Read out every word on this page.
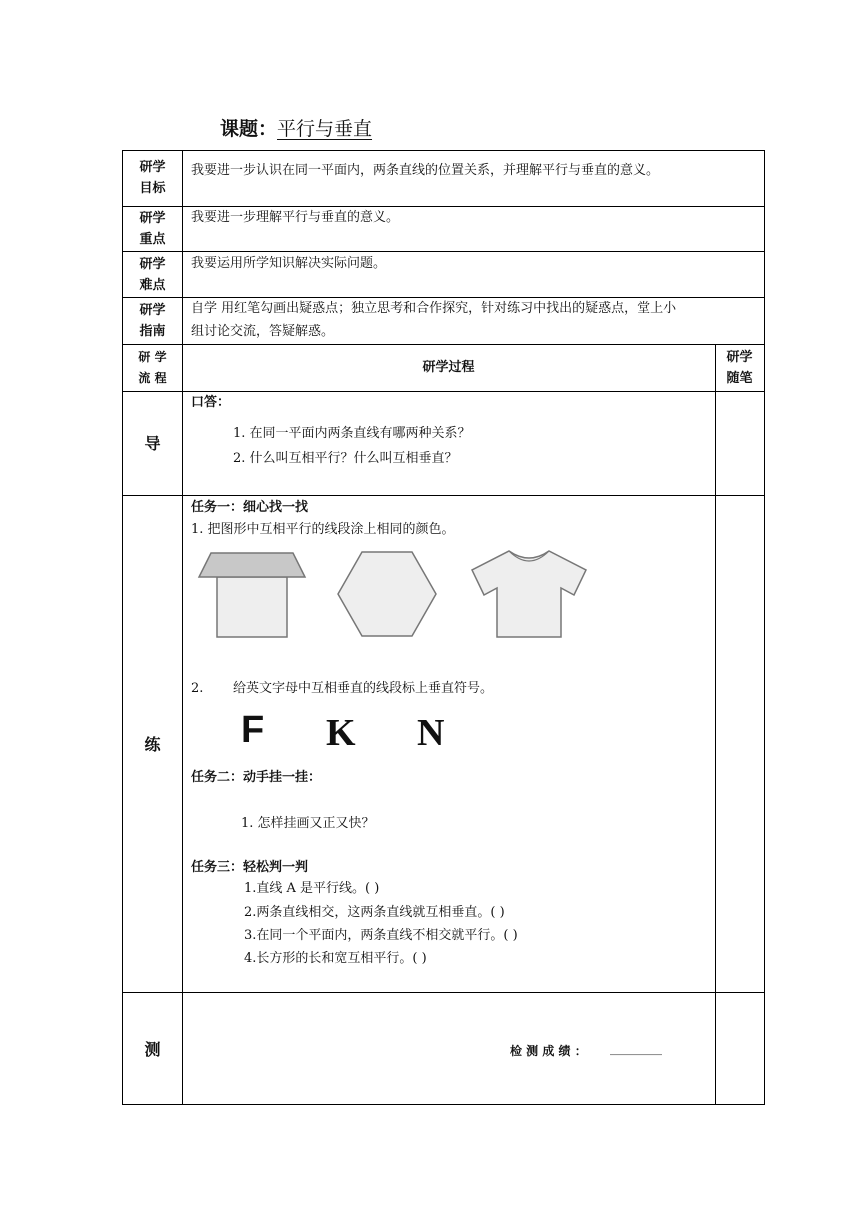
课题：平行与垂直
研学
目标
我要进一步认识在同一平面内，两条直线的位置关系，并理解平行与垂直的意义。
研学
重点
我要进一步理解平行与垂直的意义。
研学
难点
我要运用所学知识解决实际问题。
研学
指南
自学 用红笔勾画出疑惑点；独立思考和合作探究，针对练习中找出的疑惑点，堂上小
组讨论交流，答疑解惑。
研 学
流 程
研学过程
研学
随笔
导
口答：
1. 在同一平面内两条直线有哪两种关系？
2. 什么叫互相平行？什么叫互相垂直？
练
任务一：细心找一找
1. 把图形中互相平行的线段涂上相同的颜色。
2. 给英文字母中互相垂直的线段标上垂直符号。
F K N
任务二：动手挂一挂：
1. 怎样挂画又正又快？
任务三：轻松判一判
1.直线 A 是平行线。( )
2.两条直线相交，这两条直线就互相垂直。( )
3.在同一个平面内，两条直线不相交就平行。( )
4.长方形的长和宽互相平行。( )
测	检 测 成 绩 ： ________
